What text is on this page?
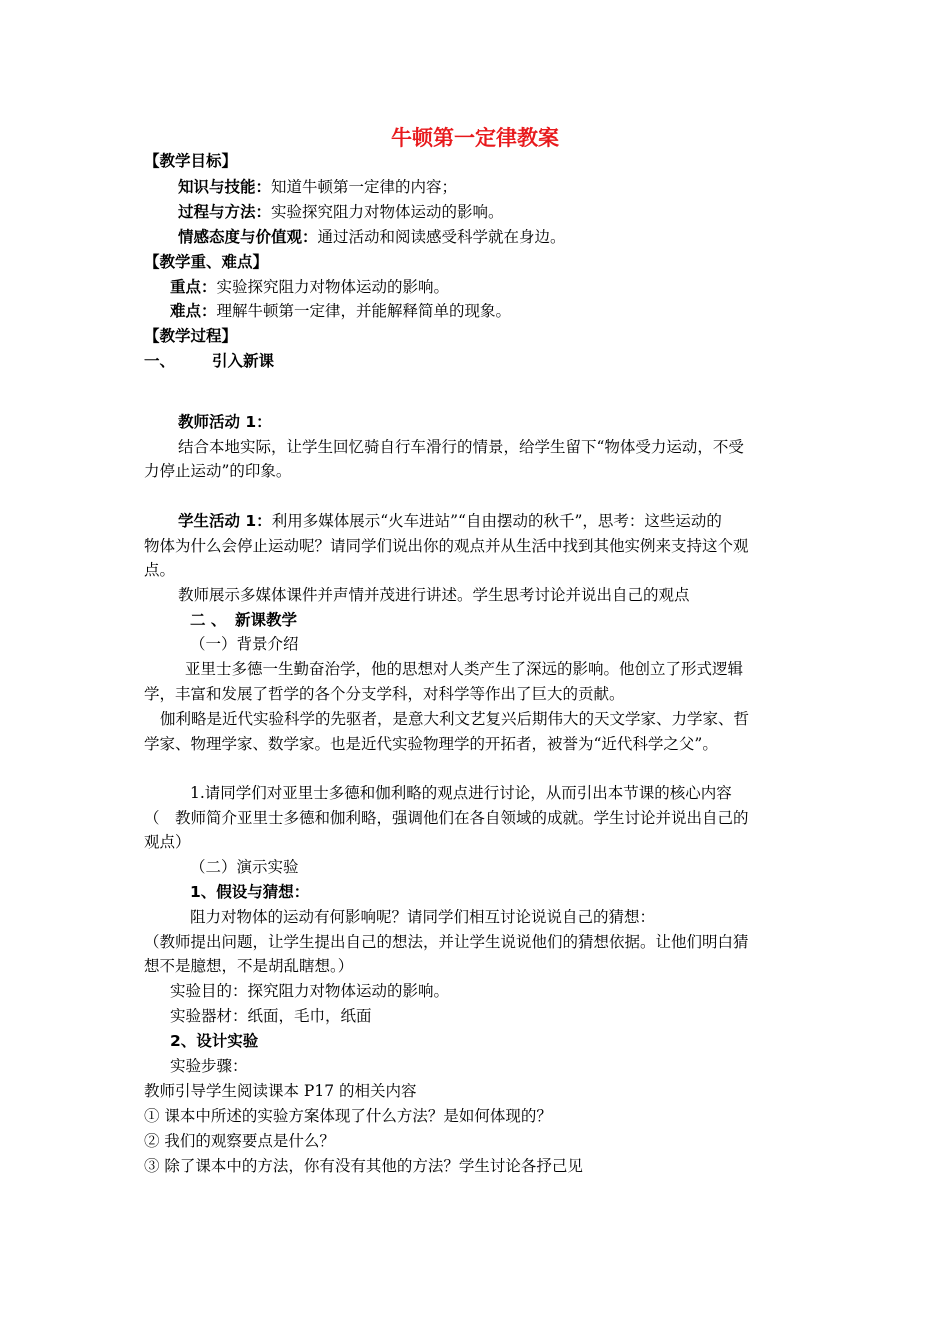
牛顿第一定律教案
【教学目标】
知识与技能：知道牛顿第一定律的内容；
过程与方法：实验探究阻力对物体运动的影响。
情感态度与价值观：通过活动和阅读感受科学就在身边。
【教学重、难点】
重点：实验探究阻力对物体运动的影响。
难点：理解牛顿第一定律，并能解释简单的现象。
【教学过程】
一、 引入新课
教师活动 1：
结合本地实际，让学生回忆骑自行车滑行的情景，给学生留下“物体受力运动，不受
力停止运动”的印象。
学生活动 1：利用多媒体展示“火车进站”“自由摆动的秋千”，思考：这些运动的
物体为什么会停止运动呢？请同学们说出你的观点并从生活中找到其他实例来支持这个观
点。
教师展示多媒体课件并声情并茂进行讲述。学生思考讨论并说出自己的观点
二 、 新课教学
（一）背景介绍
亚里士多德一生勤奋治学，他的思想对人类产生了深远的影响。他创立了形式逻辑
学，丰富和发展了哲学的各个分支学科，对科学等作出了巨大的贡献。
伽利略是近代实验科学的先驱者，是意大利文艺复兴后期伟大的天文学家、力学家、哲
学家、物理学家、数学家。也是近代实验物理学的开拓者，被誉为“近代科学之父”。
1.请同学们对亚里士多德和伽利略的观点进行讨论，从而引出本节课的核心内容
（　教师简介亚里士多德和伽利略，强调他们在各自领域的成就。学生讨论并说出自己的
观点）
（二）演示实验
1、假设与猜想：
阻力对物体的运动有何影响呢？请同学们相互讨论说说自己的猜想：
（教师提出问题，让学生提出自己的想法，并让学生说说他们的猜想依据。让他们明白猜
想不是臆想，不是胡乱瞎想。）
实验目的：探究阻力对物体运动的影响。
实验器材：纸面，毛巾，纸面
2、设计实验
实验步骤：
教师引导学生阅读课本 P17 的相关内容
① 课本中所述的实验方案体现了什么方法？是如何体现的？
② 我们的观察要点是什么？
③ 除了课本中的方法，你有没有其他的方法？学生讨论各抒己见
